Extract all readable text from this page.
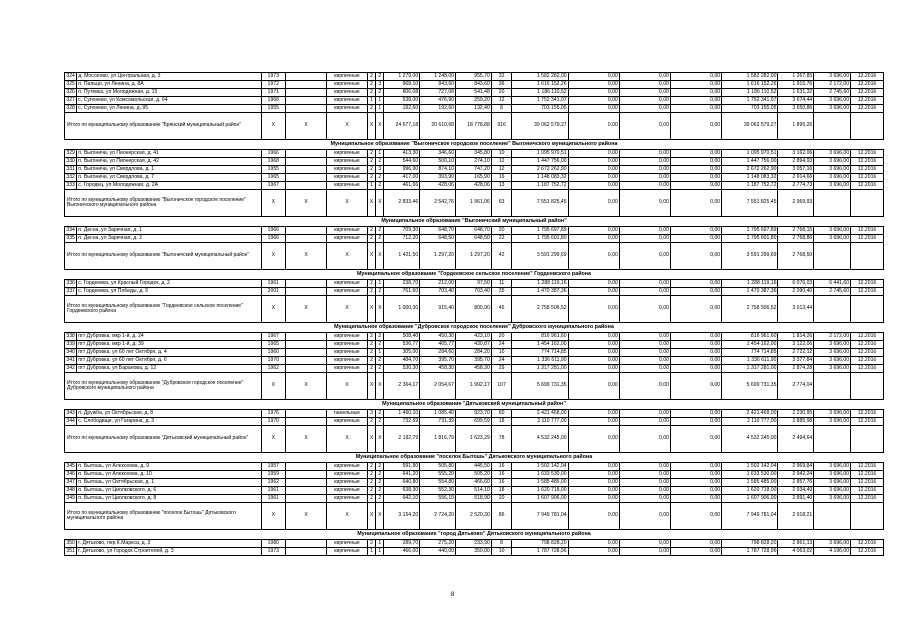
324	д. Мосолово, ул Центральная, д. 3	1973		кирпичные	2	2	1 279,00	1 248,00	955,70	32	1 582 282,00	0,00	0,00	0,00	1 582 282,00	1 267,85	3 696,00	12.2016
325	п. Пальцо, ул Ленина, д. 8А	1972		кирпичные	2	3	968,10	843,60	843,60	36	1 616 152,26	0,00	0,00	0,00	1 616 152,26	1 915,76	2 172,00	12.2016
326	п. Путевка, ул Молодежная, д. 15	1971		кирпичные	2	2	806,08	727,08	541,48	20	1 186 110,52	0,00	0,00	0,00	1 186 110,52	1 631,32	2 745,60	12.2016
327	с. Супонево, ул Комсомольская, д. 64	1968		кирпичные	1	1	538,00	476,90	259,20	12	1 752 341,07	0,00	0,00	0,00	1 752 341,07	3 674,44	3 696,00	12.2016
328	с. Супонево, ул Ленина, д. 95	1955		кирпичные	2	1	192,60	192,60	132,40	8	703 155,05	0,00	0,00	0,00	703 155,05	3 650,86	3 696,00	12.2016
Итого по муниципальному образованию "Брянский муниципальный район"		Х	Х	Х	Х	Х	24 677,18	20 610,68	18 778,88	916	39 062 579,27	0,00	0,00	0,00	39 062 579,27	1 895,26		
Муниципальное образование "Выгоничское городское поселение" Выгоничского муниципального района																		
329	п. Выгоничи, ул Пионерская, д. 41	1966		кирпичные	2	1	413,30	346,60	345,80	10	1 095 970,51	0,00	0,00	0,00	1 095 970,51	3 162,06	3 696,00	12.2016
330	п. Выгоничи, ул Пионерская, д. 42	1968		кирпичные	2	2	544,60	500,10	274,10	12	1 447 756,00	0,00	0,00	0,00	1 447 756,00	2 894,93	3 696,00	12.2016
331	п. Выгоничи, ул Свердлова, д. 1	1955		кирпичные	2	3	996,90	874,10	747,20	12	2 672 262,90	0,00	0,00	0,00	2 672 262,90	3 057,16	3 696,00	12.2016
332	п. Выгоничи, ул Свердлова, д. 7	1965		кирпичные	2	2	417,00	393,90	165,90	16	1 148 083,32	0,00	0,00	0,00	1 148 083,32	2 914,66	3 696,00	12.2016
333	с. Городец, ул Молодежная, д. 2А	1967		кирпичные	1	2	461,66	428,06	428,06	13	1 187 752,72	0,00	0,00	0,00	1 187 752,72	2 774,73	3 696,00	12.2016
Итого по муниципальному образованию "Выгоничское городское поселение" Выгоничского муниципального района		Х	Х	Х	Х	Х	2 833,46	2 542,76	1 961,06	63	7 551 825,45	0,00	0,00	0,00	7 551 825,45	2 969,93		
Муниципальное образование "Выгоничский муниципальный район"																		
334	п. Десна, ул Заречная, д. 1	1966		кирпичные	2	2	709,30	648,70	648,70	20	1 795 697,89	0,00	0,00	0,00	1 795 697,89	2 768,15	3 696,00	12.2016
335	п. Десна, ул Заречная, д. 2	1966		кирпичные	2	2	712,20	648,50	648,50	22	1 795 601,80	0,00	0,00	0,00	1 795 601,80	2 768,86	3 696,00	12.2016
Итого по муниципальному образованию "Выгоничский муниципальный район"		Х	Х	Х	Х	Х	1 421,50	1 297,20	1 297,20	42	3 591 299,69	0,00	0,00	0,00	3 591 299,69	2 768,50		
Муниципальное образование "Гордеевское сельское поселение" Гордеевского района																		
336	с. Гордеевка, ул Красный Городок, д. 2	1961		кирпичные	2	1	238,70	212,00	97,50	11	1 288 119,16	0,00	0,00	0,00	1 288 119,16	6 076,03	6 441,60	12.2016
337	с. Гордеевка, ул Победы, д. 9	2001		кирпичные	2	2	761,60	703,40	703,40	35	1 470 387,36	0,00	0,00	0,00	1 470 387,36	2 090,40	2 745,60	12.2016
Итого по муниципальному образованию "Гордеевское сельское поселение" Гордеевского района		Х	Х	Х	Х	Х	1 000,30	915,40	800,90	46	2 758 506,52	0,00	0,00	0,00	2 758 506,52	3 013,44		
Муниципальное образование "Дубровское городское поселение" Дубровского муниципального района																		
338	пгт Дубровка, мкр 1-й, д. 24	1967		кирпичные	2	2	508,40	450,30	423,10	20	816 961,60	0,00	0,00	0,00	816 961,60	1 814,26	2 172,00	12.2016
339	пгт Дубровка, мкр 1-й, д. 39	1965		кирпичные	2	2	536,77	465,77	430,87	24	1 454 162,00	0,00	0,00	0,00	1 454 162,00	3 122,06	3 696,00	12.2016
340	пгт Дубровка, ул 60 лет Октября, д. 4	1960		кирпичные	2	1	305,00	284,60	284,20	10	774 714,85	0,00	0,00	0,00	774 714,85	2 722,12	3 696,00	12.2016
341	пгт Дубровка, ул 60 лет Октября, д. 6	1970		кирпичные	2	2	484,70	395,70	395,70	24	1 336 611,90	0,00	0,00	0,00	1 336 611,90	3 377,84	3 696,00	12.2016
342	пгт Дубровка, ул Баранова, д. 12	1962		кирпичные	2	2	530,30	458,30	458,30	29	1 317 281,00	0,00	0,00	0,00	1 317 281,00	2 874,28	3 696,00	12.2016
Итого по муниципальному образованию "Дубровское городское поселение" Дубровского муниципального района		Х	Х	Х	Х	Х	2 364,17	2 054,67	1 992,17	107	5 699 731,35	0,00	0,00	0,00	5 699 731,35	2 774,04		
Муниципальное образование "Дятьковский муниципальный район"																		
343	п. Дружба, ул Октябрьская, д. 8	1976		панельные	3	2	1 460,10	1 085,40	923,70	60	2 421 468,00	0,00	0,00	0,00	2 421 468,00	2 230,95	3 696,00	12.2016
344	с. Слободище, ул Гагарина, д. 3	1970		кирпичные	2	2	732,69	731,39	699,59	18	2 110 777,00	0,00	0,00	0,00	2 110 777,00	2 885,98	3 696,00	12.2016
Итого по муниципальному образованию "Дятьковский муниципальный район"		Х	Х	Х	Х	Х	2 192,79	1 816,79	1 623,29	78	4 532 245,00	0,00	0,00	0,00	4 532 245,00	2 494,64		
Муниципальное образование "поселок Бытошь" Дятьковского муниципального района																		
345	п. Бытошь, ул Алексеева, д. 9	1957		кирпичные	2	2	591,80	505,80	445,50	16	1 502 142,04	0,00	0,00	0,00	1 502 142,04	2 969,84	3 696,00	12.2016
346	п. Бытошь, ул Алексеева, д. 10	1959		кирпичные	2	2	641,20	555,20	505,20	16	1 633 530,00	0,00	0,00	0,00	1 633 530,00	2 942,24	3 696,00	12.2016
347	п. Бытошь, ул Октябрьская, д. 1	1962		кирпичные	2	2	640,80	554,80	466,60	16	1 585 485,00	0,00	0,00	0,00	1 585 485,00	2 857,76	3 696,00	12.2016
348	п. Бытошь, ул Циолковского, д. 6	1961		кирпичные	2	2	638,30	552,30	514,10	18	1 620 718,00	0,00	0,00	0,00	1 620 718,00	2 934,49	3 696,00	12.2016
349	п. Бытошь, ул Циолковского, д. 8	1961		кирпичные	2	2	642,10	556,10	518,90	20	1 607 906,00	0,00	0,00	0,00	1 607 906,00	2 891,40	3 696,00	12.2016
Итого по муниципальному образованию "поселок Бытошь" Дятьковского муниципального района		Х	Х	Х	Х	Х	3 154,20	2 724,20	2 520,30	86	7 949 781,04	0,00	0,00	0,00	7 949 781,04	2 918,21		
Муниципальное образование "город Дятьково" Дятьковского муниципального района																		
350	г. Дятьково, пер К.Маркса, д. 3	1980		кирпичные	2	1	289,70	275,20	233,90	8	798 828,20	0,00	0,00	0,00	798 828,20	2 861,13	3 696,00	12.2016
351	г. Дятьково, ул Городок Строителей, д. 3	1973		кирпичные	1	1	466,00	440,00	350,00	10	1 787 728,96	0,00	0,00	0,00	1 787 728,96	4 063,02	4 196,00	12.2016
8
